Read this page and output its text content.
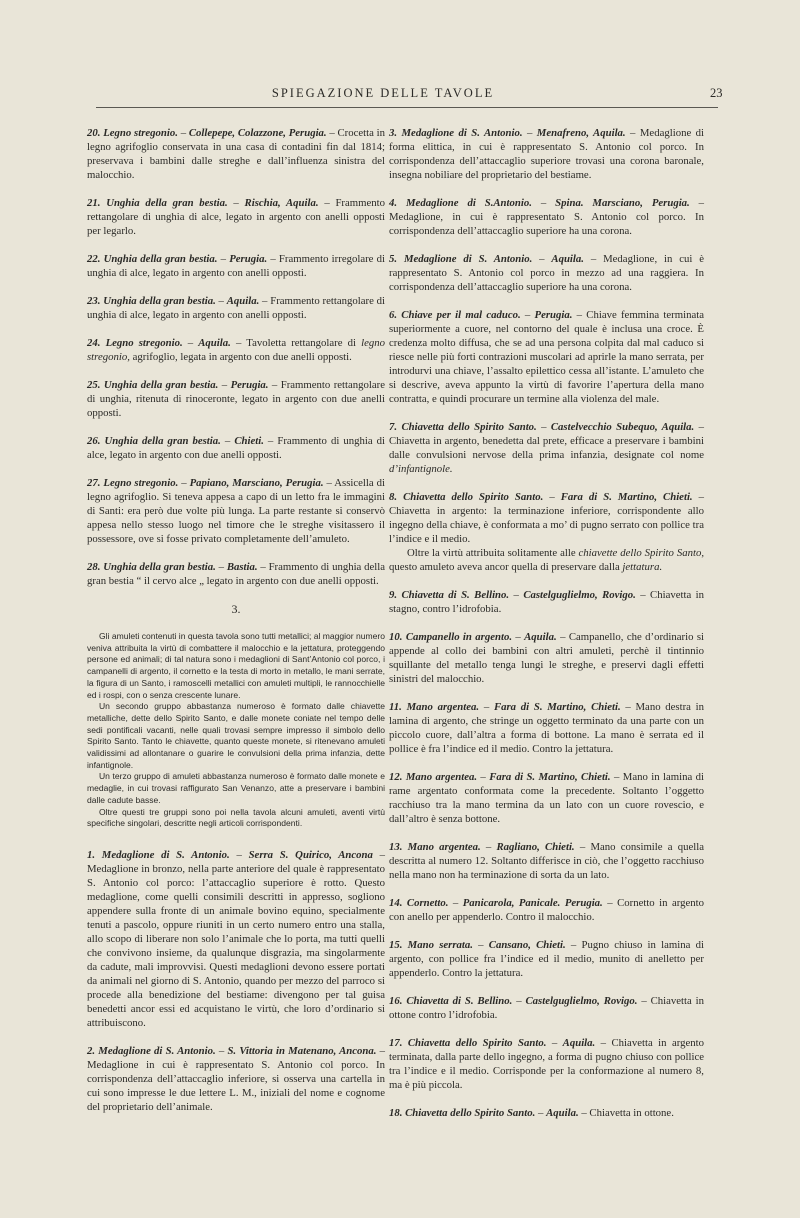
SPIEGAZIONE DELLE TAVOLE	23
20. Legno stregonio. – Collepepe, Colazzone, Perugia. – Crocetta in legno agrifoglio conservata in una casa di contadini fin dal 1814; preservava i bambini dalle streghe e dall’influenza sinistra del malocchio.
21. Unghia della gran bestia. – Rischia, Aquila. – Frammento rettangolare di unghia di alce, legato in argento con anelli opposti per legarlo.
22. Unghia della gran bestia. – Perugia. – Frammento irregolare di unghia di alce, legato in argento con anelli opposti.
23. Unghia della gran bestia. – Aquila. – Frammento rettangolare di unghia di alce, legato in argento con anelli opposti.
24. Legno stregonio. – Aquila. – Tavoletta rettangolare di legno stregonio, agrifoglio, legata in argento con due anelli opposti.
25. Unghia della gran bestia. – Perugia. – Frammento rettangolare di unghia, ritenuta di rinoceronte, legato in argento con due anelli opposti.
26. Unghia della gran bestia. – Chieti. – Frammento di unghia di alce, legato in argento con due anelli opposti.
27. Legno stregonio. – Papiano, Marsciano, Perugia. – Assicella di legno agrifoglio. Si teneva appesa a capo di un letto fra le immagini di Santi: era però due volte più lunga. La parte restante si conservò appesa nello stesso luogo nel timore che le streghe visitassero il possessore, ove si fosse privato completamente dell’amuleto.
28. Unghia della gran bestia. – Bastia. – Frammento di unghia della gran bestia “ il cervo alce „ legato in argento con due anelli opposti.
3.

Gli amuleti contenuti in questa tavola sono tutti metallici; al maggior numero veniva attribuita la virtù di combattere il malocchio e la jettatura, proteggendo persone ed animali; di tal natura sono i medaglioni di Sant’Antonio col porco, i campanelli di argento, il cornetto e la testa di morto in metallo, le mani serrate, la figura di un Santo, i ramoscelli metallici con amuleti multipli, le rannocchielle ed i rospi, con o senza crescente lunare.

Un secondo gruppo abbastanza numeroso è formato dalle chiavette metalliche, dette dello Spirito Santo, e dalle monete coniate nel tempo delle sedi pontificali vacanti, nelle quali trovasi sempre impresso il simbolo dello Spirito Santo. Tanto le chiavette, quanto queste monete, si ritenevano amuleti validissimi ad allontanare o guarire le convulsioni della prima infanzia, dette infantignole.

Un terzo gruppo di amuleti abbastanza numeroso è formato dalle monete e medaglie, in cui trovasi raffigurato San Venanzo, atte a preservare i bambini dalle cadute basse.

Oltre questi tre gruppi sono poi nella tavola alcuni amuleti, aventi virtù specifiche singolari, descritte negli articoli corrispondenti.

1. Medaglione di S. Antonio. – Serra S. Quirico, Ancona – Medaglione in bronzo, nella parte anteriore del quale è rappresentato S. Antonio col porco: l’attaccaglio superiore è rotto. Questo medaglione, come quelli consimili descritti in appresso, sogliono appendere sulla fronte di un animale bovino equino, specialmente tenuti a pascolo, oppure riuniti in un certo numero entro una stalla, allo scopo di liberare non solo l’animale che lo porta, ma tutti quelli che convivono insieme, da qualunque disgrazia, ma singolarmente da cadute, mali improvvisi. Questi medaglioni devono essere portati da animali nel giorno di S. Antonio, quando per mezzo del parroco si procede alla benedizione del bestiame: divengono per tal guisa benedetti ancor essi ed acquistano le virtù, che loro d’ordinario si attribuiscono.
2. Medaglione di S. Antonio. – S. Vittoria in Matenano, Ancona. – Medaglione in cui è rappresentato S. Antonio col porco. In corrispondenza dell’attaccaglio inferiore, si osserva una cartella in cui sono impresse le due lettere L. M., iniziali del nome e cognome del proprietario dell’animale.
3. Medaglione di S. Antonio. – Menafreno, Aquila. – Medaglione di forma elittica, in cui è rappresentato S. Antonio col porco. In corrispondenza dell’attaccaglio superiore trovasi una corona baronale, insegna nobiliare del proprietario del bestiame.
4. Medaglione di S.Antonio. – Spina. Marsciano, Perugia. – Medaglione, in cui è rappresentato S. Antonio col porco. In corrispondenza dell’attaccaglio superiore ha una corona.
5. Medaglione di S. Antonio. – Aquila. – Medaglione, in cui è rappresentato S. Antonio col porco in mezzo ad una raggiera. In corrispondenza dell’attaccaglio superiore ha una corona.
6. Chiave per il mal caduco. – Perugia. – Chiave femmina terminata superiormente a cuore, nel contorno del quale è inclusa una croce. È credenza molto diffusa, che se ad una persona colpita dal mal caduco si riesce nelle più forti contrazioni muscolari ad aprirle la mano serrata, per introdurvi una chiave, l’assalto epilettico cessa all’istante. L’amuleto che si descrive, aveva appunto la virtù di favorire l’apertura della mano contratta, e quindi procurare un termine alla violenza del male.
7. Chiavetta dello Spirito Santo. – Castelvecchio Subequo, Aquila. – Chiavetta in argento, benedetta dal prete, efficace a preservare i bambini dalle convulsioni nervose della prima infanzia, designate col nome d’infantignole.
8. Chiavetta dello Spirito Santo. – Fara di S. Martino, Chieti. – Chiavetta in argento: la terminazione inferiore, corrispondente allo ingegno della chiave, è conformata a mo’ di pugno serrato con pollice tra l’indice e il medio.
Oltre la virtù attribuita solitamente alle chiavette dello Spirito Santo, questo amuleto aveva ancor quella di preservare dalla jettatura.
9. Chiavetta di S. Bellino. – Castelguglielmo, Rovigo. – Chiavetta in stagno, contro l’idrofobia.
10. Campanello in argento. – Aquila. – Campanello, che d’ordinario si appende al collo dei bambini con altri amuleti, perchè il tintinnio squillante del metallo tenga lungi le streghe, e preservi dagli effetti sinistri del malocchio.
11. Mano argentea. – Fara di S. Martino, Chieti. – Mano destra in lamina di argento, che stringe un oggetto terminato da una parte con un piccolo cuore, dall’altra a forma di bottone. La mano è serrata ed il pollice è fra l’indice ed il medio. Contro la jettatura.
12. Mano argentea. – Fara di S. Martino, Chieti. – Mano in lamina di rame argentato conformata come la precedente. Soltanto l’oggetto racchiuso tra la mano termina da un lato con un cuore rovescio, e dall’altro è senza bottone.
13. Mano argentea. – Ragliano, Chieti. – Mano consimile a quella descritta al numero 12. Soltanto differisce in ciò, che l’oggetto racchiuso nella mano non ha terminazione di sorta da un lato.
14. Cornetto. – Panicarola, Panicale. Perugia. – Cornetto in argento con anello per appenderlo. Contro il malocchio.
15. Mano serrata. – Cansano, Chieti. – Pugno chiuso in lamina di argento, con pollice fra l’indice ed il medio, munito di anelletto per appenderlo. Contro la jettatura.
16. Chiavetta di S. Bellino. – Castelguglielmo, Rovigo. – Chiavetta in ottone contro l’idrofobia.
17. Chiavetta dello Spirito Santo. – Aquila. – Chiavetta in argento terminata, dalla parte dello ingegno, a forma di pugno chiuso con pollice tra l’indice e il medio. Corrisponde per la conformazione al numero 8, ma è più piccola.
18. Chiavetta dello Spirito Santo. – Aquila. – Chiavetta in ottone.
